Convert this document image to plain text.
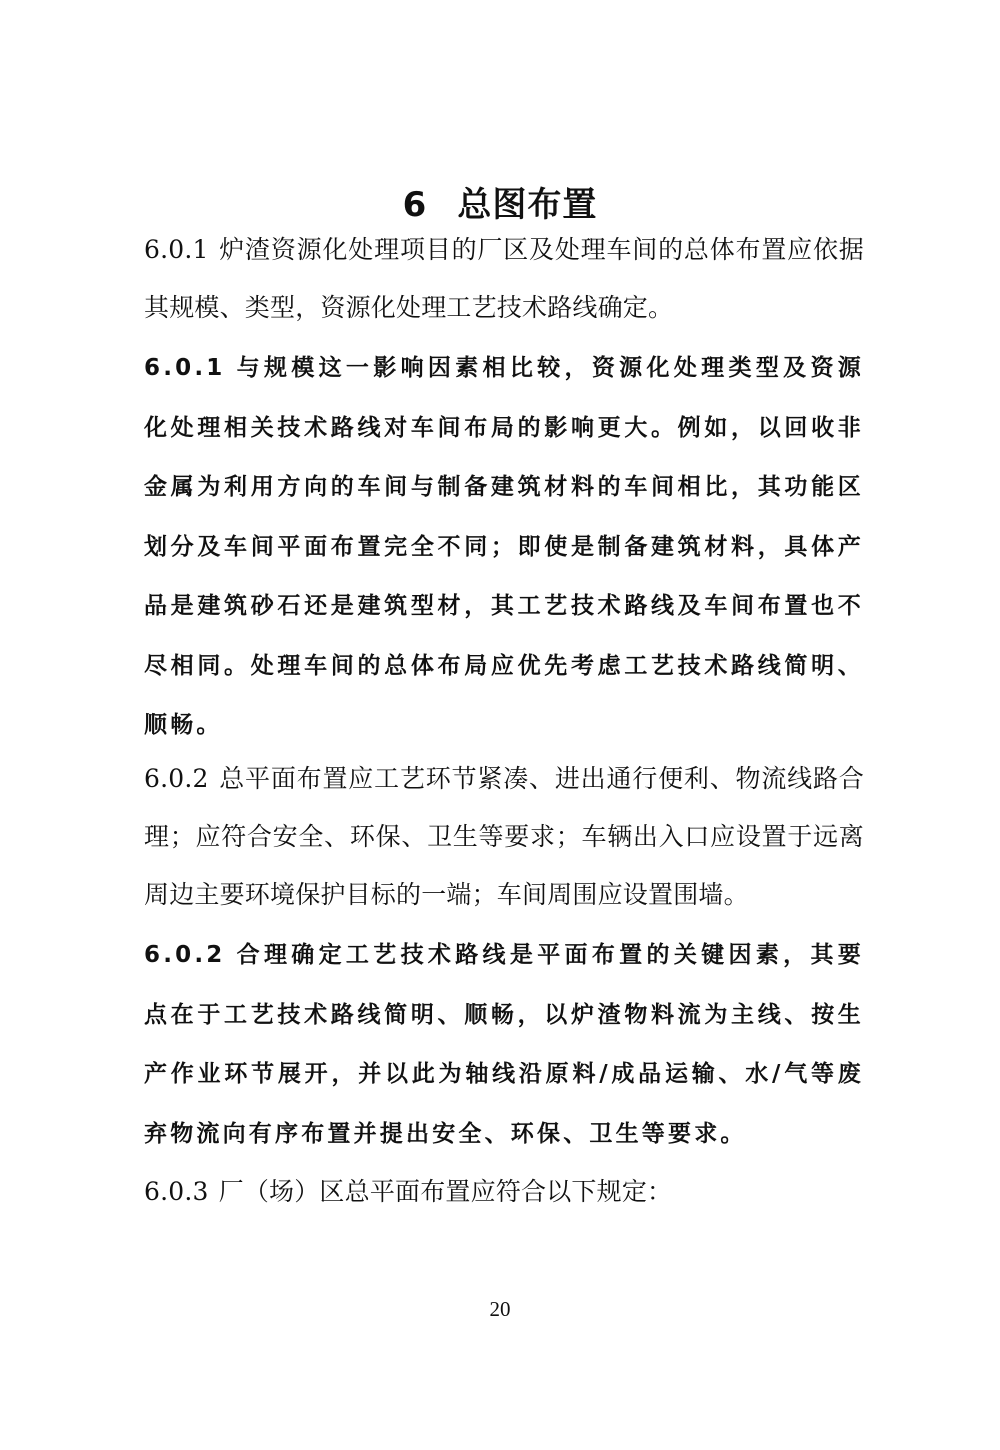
6 总图布置

6.0.1 炉渣资源化处理项目的厂区及处理车间的总体布置应依据其规模、类型，资源化处理工艺技术路线确定。

6.0.1 与规模这一影响因素相比较，资源化处理类型及资源化处理相关技术路线对车间布局的影响更大。例如，以回收非金属为利用方向的车间与制备建筑材料的车间相比，其功能区划分及车间平面布置完全不同；即使是制备建筑材料，具体产品是建筑砂石还是建筑型材，其工艺技术路线及车间布置也不尽相同。处理车间的总体布局应优先考虑工艺技术路线简明、顺畅。

6.0.2 总平面布置应工艺环节紧凑、进出通行便利、物流线路合理；应符合安全、环保、卫生等要求；车辆出入口应设置于远离周边主要环境保护目标的一端；车间周围应设置围墙。

6.0.2 合理确定工艺技术路线是平面布置的关键因素，其要点在于工艺技术路线简明、顺畅，以炉渣物料流为主线、按生产作业环节展开，并以此为轴线沿原料/成品运输、水/气等废弃物流向有序布置并提出安全、环保、卫生等要求。

6.0.3 厂（场）区总平面布置应符合以下规定：

20
